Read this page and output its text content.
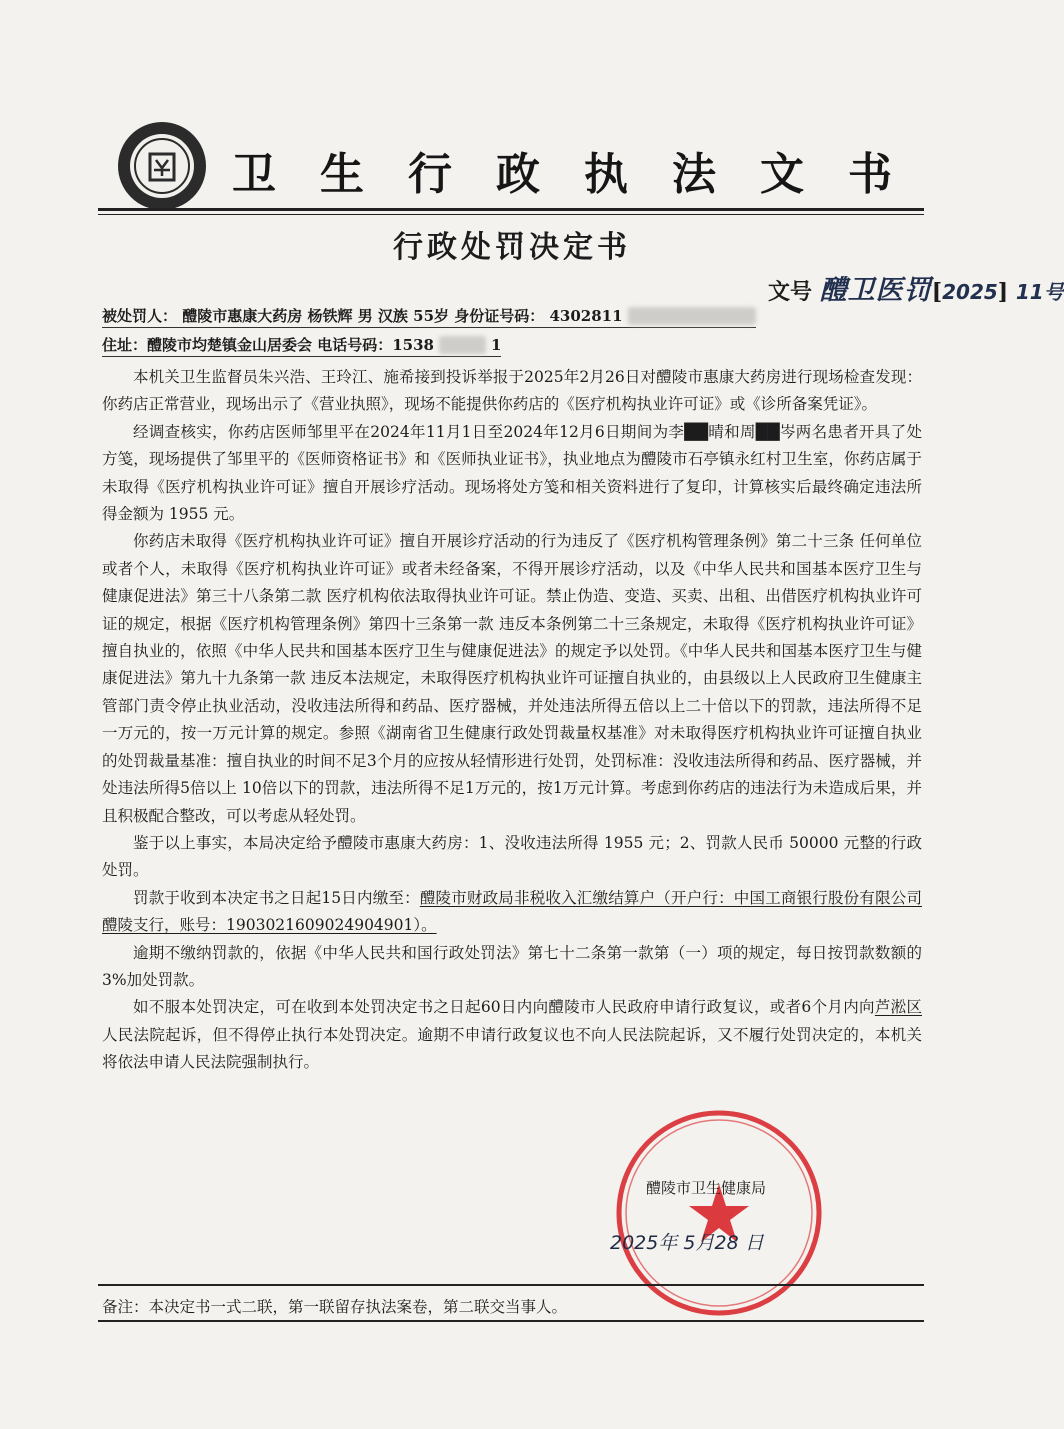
卫 生 行 政 执 法 文 书
行政处罚决定书
文号 醴卫医罚[2025] 11号
被处罚人： 醴陵市惠康大药房 杨铁辉 男 汉族 55岁 身份证号码： 4302811 XXXXXXXXXXX
住址：醴陵市均楚镇金山居委会 电话号码：1538 XXXX 1

本机关卫生监督员朱兴浩、王玲江、施希接到投诉举报于2025年2月26日对醴陵市惠康大药房进行现场检查发现：你药店正常营业，现场出示了《营业执照》，现场不能提供你药店的《医疗机构执业许可证》或《诊所备案凭证》。

经调查核实，你药店医师邹里平在2024年11月1日至2024年12月6日期间为李██晴和周██岑两名患者开具了处方笺，现场提供了邹里平的《医师资格证书》和《医师执业证书》，执业地点为醴陵市石亭镇永红村卫生室，你药店属于未取得《医疗机构执业许可证》擅自开展诊疗活动。现场将处方笺和相关资料进行了复印，计算核实后最终确定违法所得金额为 1955 元。

你药店未取得《医疗机构执业许可证》擅自开展诊疗活动的行为违反了《医疗机构管理条例》第二十三条 任何单位或者个人，未取得《医疗机构执业许可证》或者未经备案，不得开展诊疗活动，以及《中华人民共和国基本医疗卫生与健康促进法》第三十八条第二款 医疗机构依法取得执业许可证。禁止伪造、变造、买卖、出租、出借医疗机构执业许可证的规定，根据《医疗机构管理条例》第四十三条第一款 违反本条例第二十三条规定，未取得《医疗机构执业许可证》擅自执业的，依照《中华人民共和国基本医疗卫生与健康促进法》的规定予以处罚。《中华人民共和国基本医疗卫生与健康促进法》第九十九条第一款 违反本法规定，未取得医疗机构执业许可证擅自执业的，由县级以上人民政府卫生健康主管部门责令停止执业活动，没收违法所得和药品、医疗器械，并处违法所得五倍以上二十倍以下的罚款，违法所得不足一万元的，按一万元计算的规定。参照《湖南省卫生健康行政处罚裁量权基准》对未取得医疗机构执业许可证擅自执业的处罚裁量基准：擅自执业的时间不足3个月的应按从轻情形进行处罚，处罚标准：没收违法所得和药品、医疗器械，并处违法所得5倍以上 10倍以下的罚款，违法所得不足1万元的，按1万元计算。考虑到你药店的违法行为未造成后果，并且积极配合整改，可以考虑从轻处罚。

鉴于以上事实，本局决定给予醴陵市惠康大药房：1、没收违法所得 1955 元；2、罚款人民币 50000 元整的行政处罚。

罚款于收到本决定书之日起15日内缴至：醴陵市财政局非税收入汇缴结算户（开户行：中国工商银行股份有限公司醴陵支行，账号：1903021609024904901）。

逾期不缴纳罚款的，依据《中华人民共和国行政处罚法》第七十二条第一款第（一）项的规定，每日按罚款数额的3%加处罚款。

如不服本处罚决定，可在收到本处罚决定书之日起60日内向醴陵市人民政府申请行政复议，或者6个月内向芦淞区人民法院起诉，但不得停止执行本处罚决定。逾期不申请行政复议也不向人民法院起诉，又不履行处罚决定的，本机关将依法申请人民法院强制执行。

醴陵市卫生健康局
2025年 5月28 日
备注：本决定书一式二联，第一联留存执法案卷，第二联交当事人。
